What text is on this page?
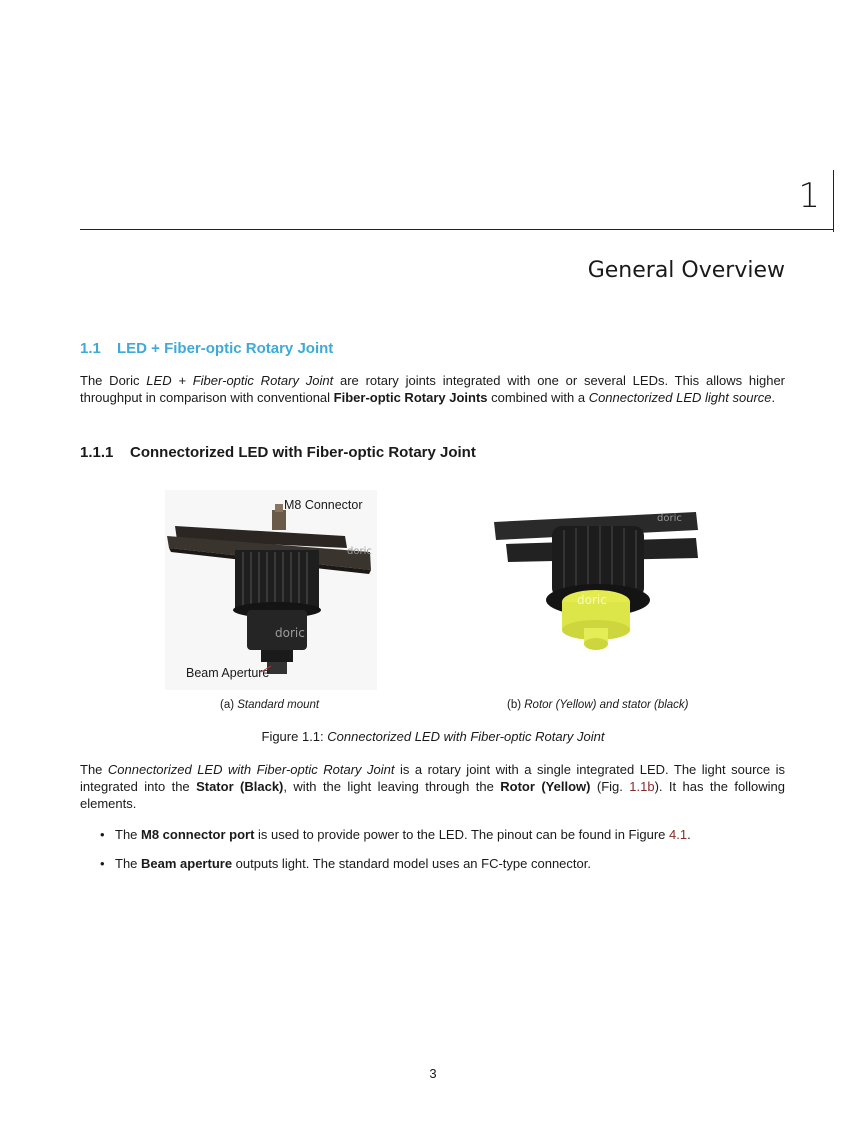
1
General Overview
1.1 LED + Fiber-optic Rotary Joint
The Doric LED + Fiber-optic Rotary Joint are rotary joints integrated with one or several LEDs. This allows higher throughput in comparison with conventional Fiber-optic Rotary Joints combined with a Connectorized LED light source.
1.1.1 Connectorized LED with Fiber-optic Rotary Joint
doric
doric
M8 Connector
Beam Aperture
doric
doric
(a) Standard mount	(b) Rotor (Yellow) and stator (black)
Figure 1.1: Connectorized LED with Fiber-optic Rotary Joint
The Connectorized LED with Fiber-optic Rotary Joint is a rotary joint with a single integrated LED. The light source is integrated into the Stator (Black), with the light leaving through the Rotor (Yellow) (Fig. 1.1b). It has the following elements.
• The M8 connector port is used to provide power to the LED. The pinout can be found in Figure 4.1.
• The Beam aperture outputs light. The standard model uses an FC-type connector.
3
